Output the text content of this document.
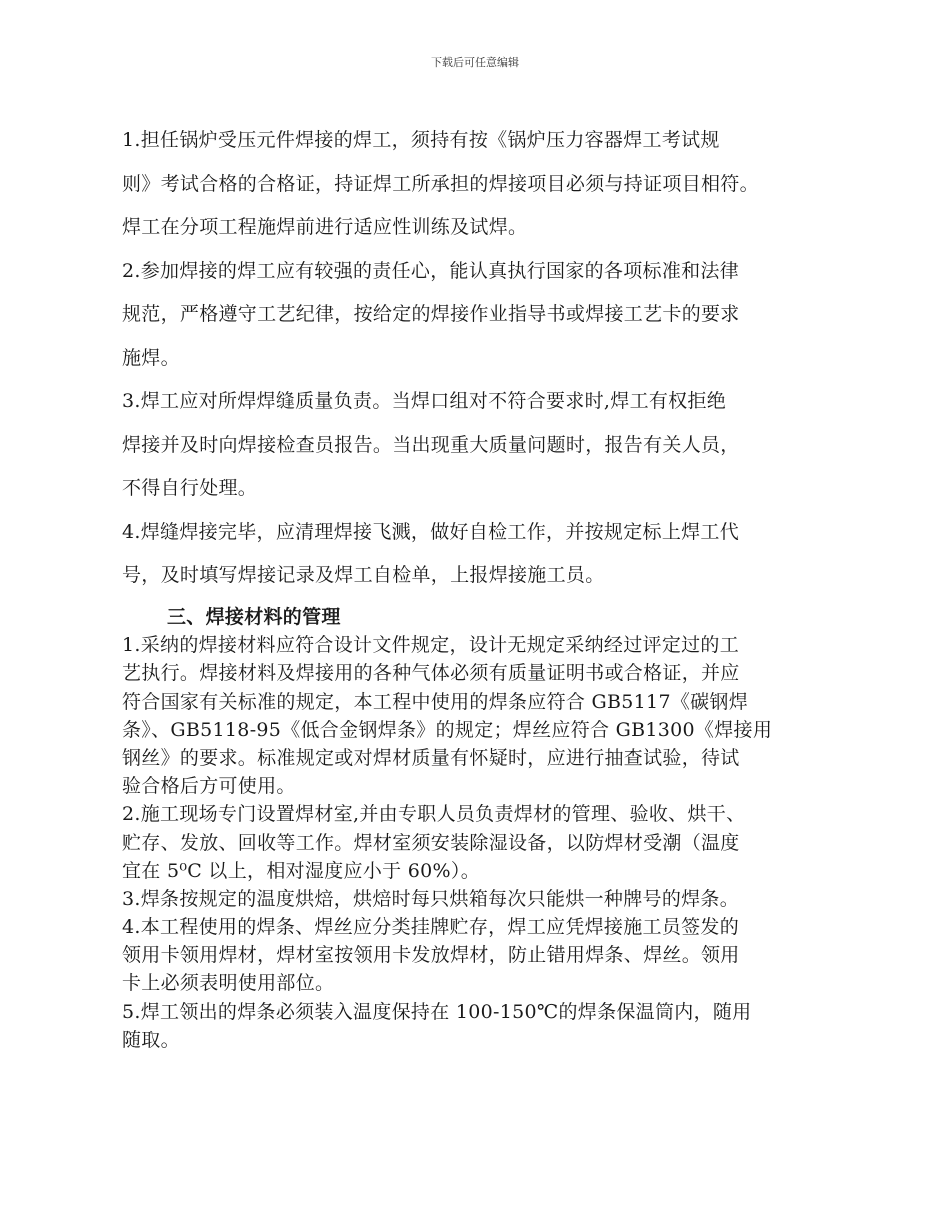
下载后可任意编辑
1.担任锅炉受压元件焊接的焊工，须持有按《锅炉压力容器焊工考试规
则》考试合格的合格证，持证焊工所承担的焊接项目必须与持证项目相符。
焊工在分项工程施焊前进行适应性训练及试焊。
2.参加焊接的焊工应有较强的责任心，能认真执行国家的各项标准和法律
规范，严格遵守工艺纪律，按给定的焊接作业指导书或焊接工艺卡的要求
施焊。
3.焊工应对所焊焊缝质量负责。当焊口组对不符合要求时,焊工有权拒绝
焊接并及时向焊接检查员报告。当出现重大质量问题时，报告有关人员，
不得自行处理。
4.焊缝焊接完毕，应清理焊接飞溅，做好自检工作，并按规定标上焊工代
号，及时填写焊接记录及焊工自检单，上报焊接施工员。
三、焊接材料的管理
1.采纳的焊接材料应符合设计文件规定，设计无规定采纳经过评定过的工
艺执行。焊接材料及焊接用的各种气体必须有质量证明书或合格证，并应
符合国家有关标准的规定，本工程中使用的焊条应符合 GB5117《碳钢焊
条》、GB5118-95《低合金钢焊条》的规定；焊丝应符合 GB1300《焊接用
钢丝》的要求。标准规定或对焊材质量有怀疑时，应进行抽查试验，待试
验合格后方可使用。
2.施工现场专门设置焊材室,并由专职人员负责焊材的管理、验收、烘干、
贮存、发放、回收等工作。焊材室须安装除湿设备，以防焊材受潮（温度
宜在 5⁰C 以上，相对湿度应小于 60%）。
3.焊条按规定的温度烘焙，烘焙时每只烘箱每次只能烘一种牌号的焊条。
4.本工程使用的焊条、焊丝应分类挂牌贮存，焊工应凭焊接施工员签发的
领用卡领用焊材，焊材室按领用卡发放焊材，防止错用焊条、焊丝。领用
卡上必须表明使用部位。
5.焊工领出的焊条必须装入温度保持在 100-150℃的焊条保温筒内，随用
随取。
